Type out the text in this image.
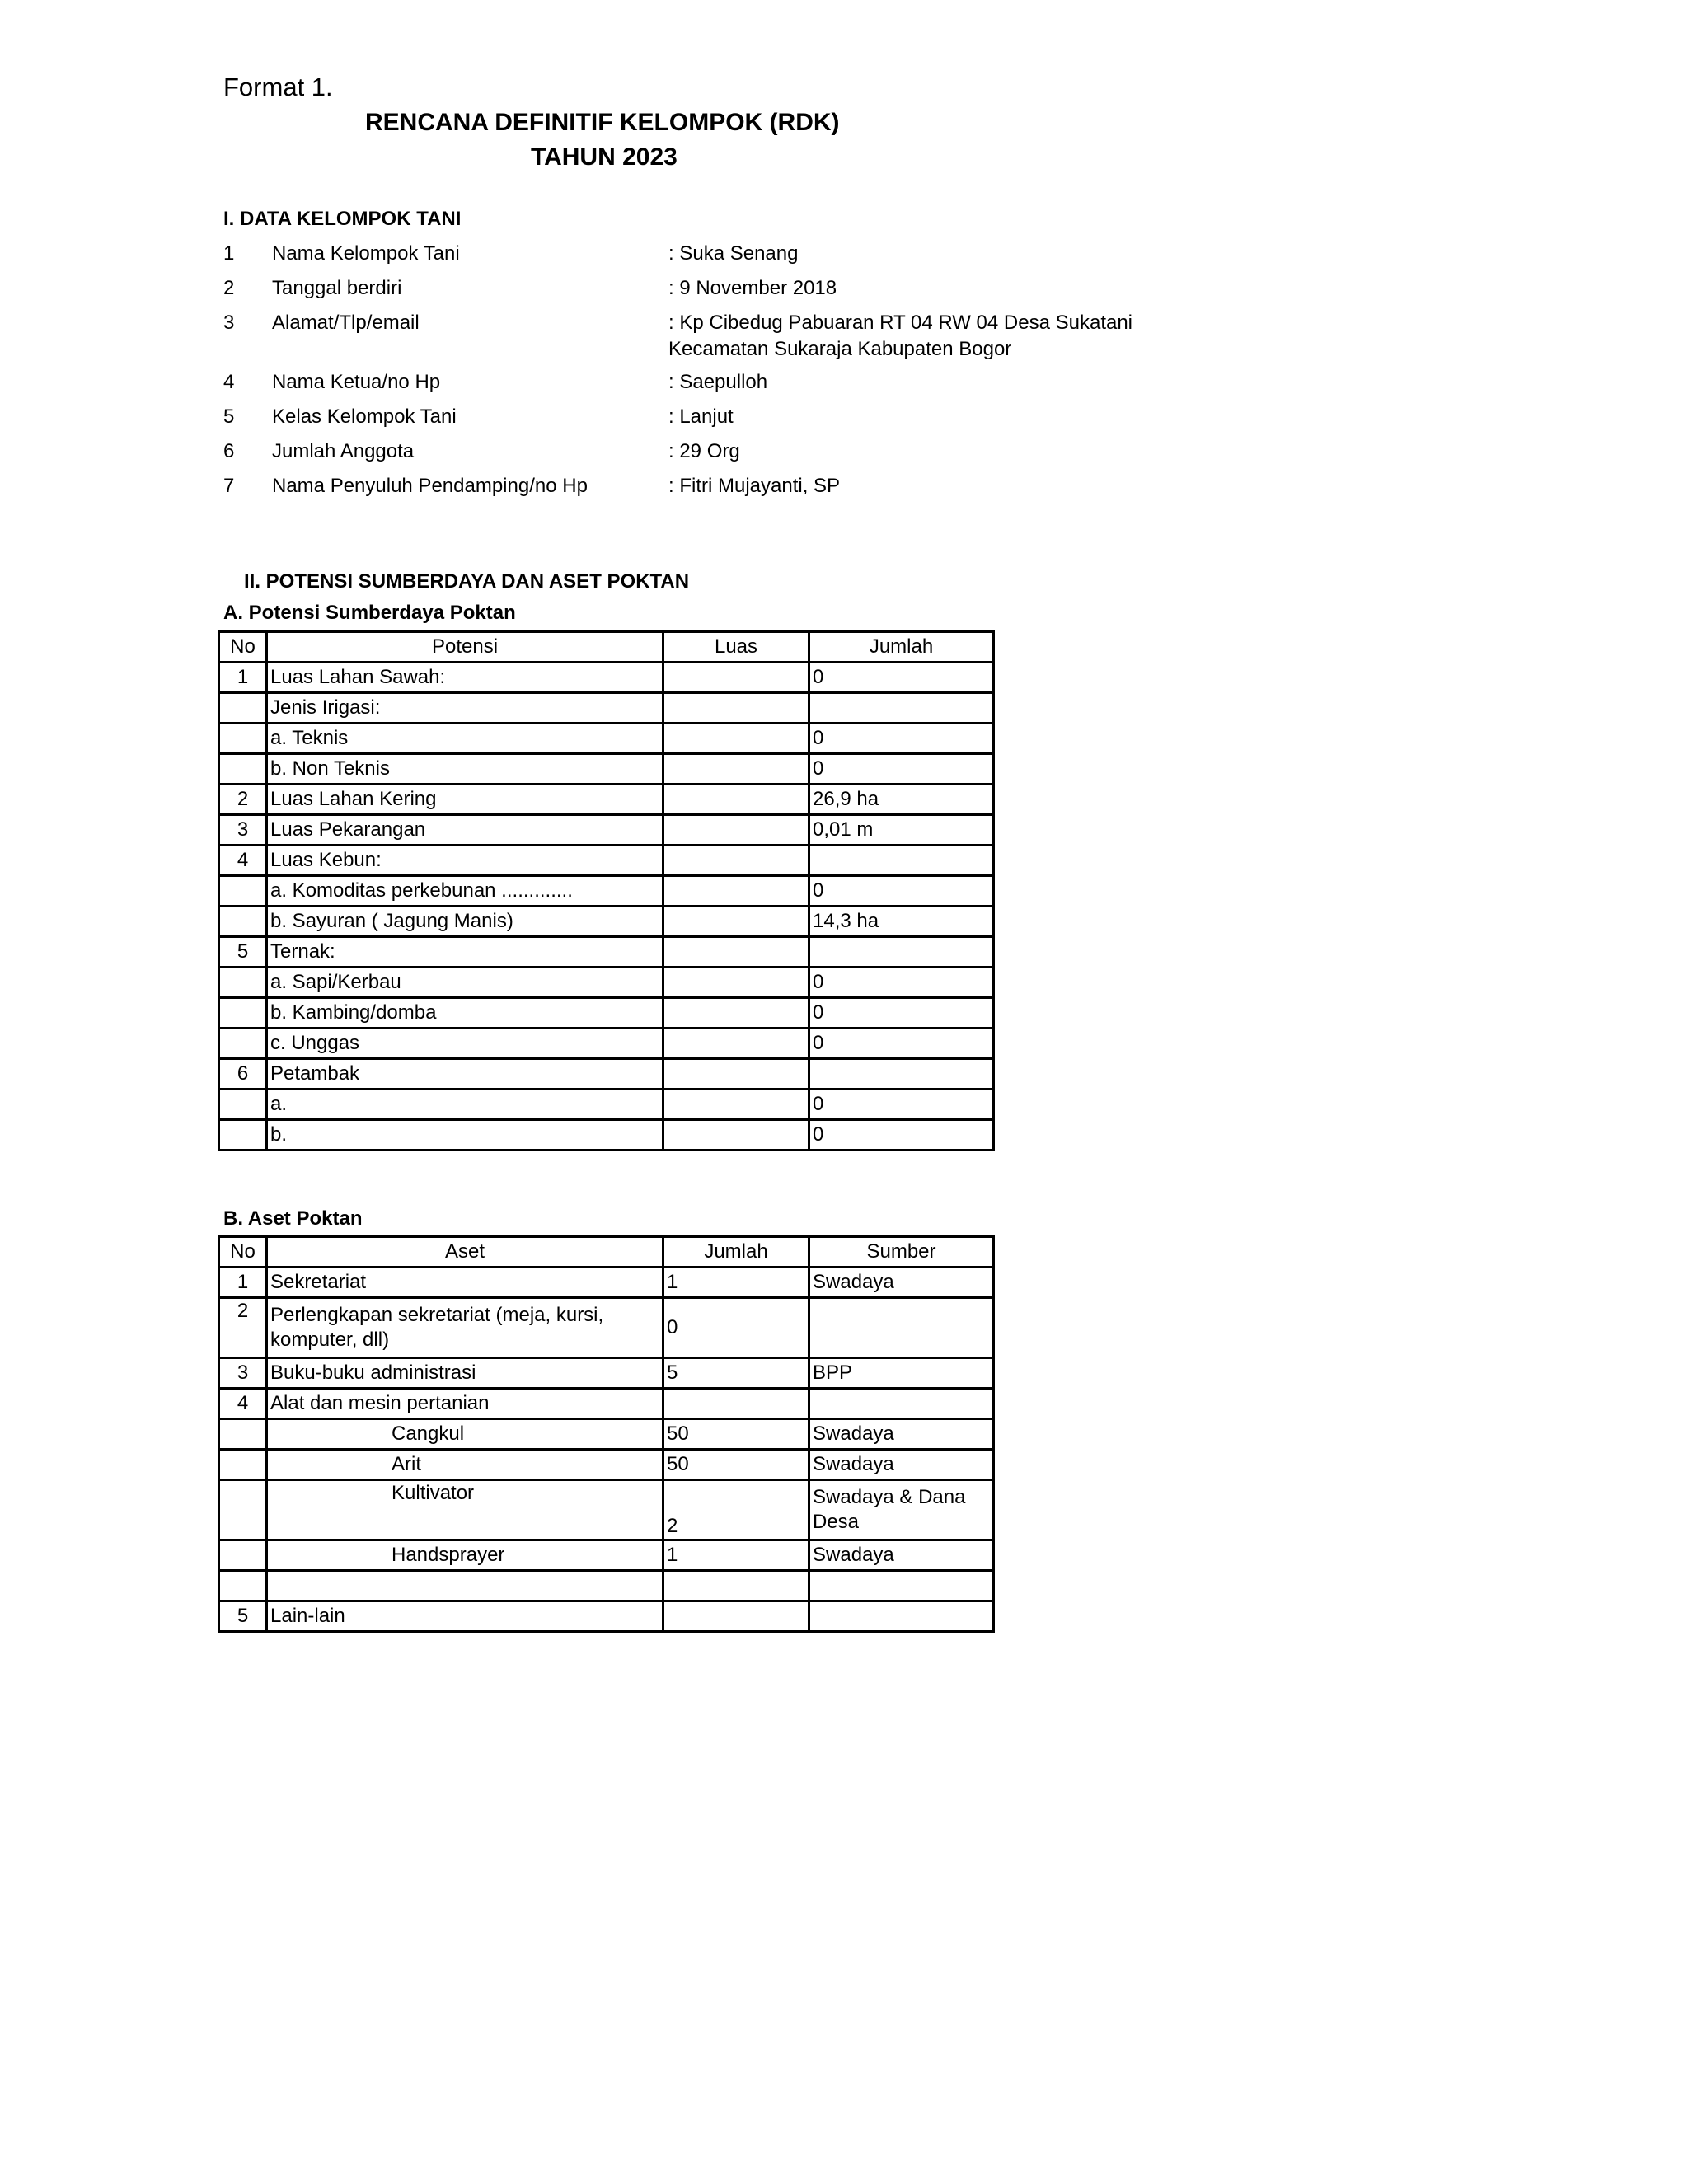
Format 1.
RENCANA DEFINITIF KELOMPOK (RDK)
TAHUN 2023
I. DATA KELOMPOK TANI
1	Nama Kelompok Tani	: Suka Senang
2	Tanggal berdiri	: 9 November 2018
3	Alamat/Tlp/email	: Kp Cibedug Pabuaran RT 04 RW 04 Desa Sukatani Kecamatan Sukaraja Kabupaten Bogor
4	Nama Ketua/no Hp	: Saepulloh
5	Kelas Kelompok Tani	: Lanjut
6	Jumlah Anggota	: 29 Org
7	Nama Penyuluh Pendamping/no Hp	: Fitri Mujayanti, SP
II. POTENSI SUMBERDAYA DAN ASET POKTAN
A. Potensi Sumberdaya Poktan
No	Potensi	Luas	Jumlah
1	Luas Lahan Sawah:		0
	Jenis Irigasi:		
	a. Teknis		0
	b. Non Teknis		0
2	Luas Lahan Kering		26,9 ha
3	Luas Pekarangan		0,01 m
4	Luas Kebun:		
	a. Komoditas perkebunan .............		0
	b. Sayuran ( Jagung Manis)		14,3 ha
5	Ternak:		
	a. Sapi/Kerbau		0
	b. Kambing/domba		0
	c. Unggas		0
6	Petambak		
	a.		0
	b.		0
B. Aset Poktan
No	Aset	Jumlah	Sumber
1	Sekretariat	1	Swadaya
2	Perlengkapan sekretariat (meja, kursi, komputer, dll)	0	
3	Buku-buku administrasi	5	BPP
4	Alat dan mesin pertanian		
	Cangkul	50	Swadaya
	Arit	50	Swadaya
	Kultivator	2	Swadaya & Dana Desa
	Handsprayer	1	Swadaya

5	Lain-lain		
